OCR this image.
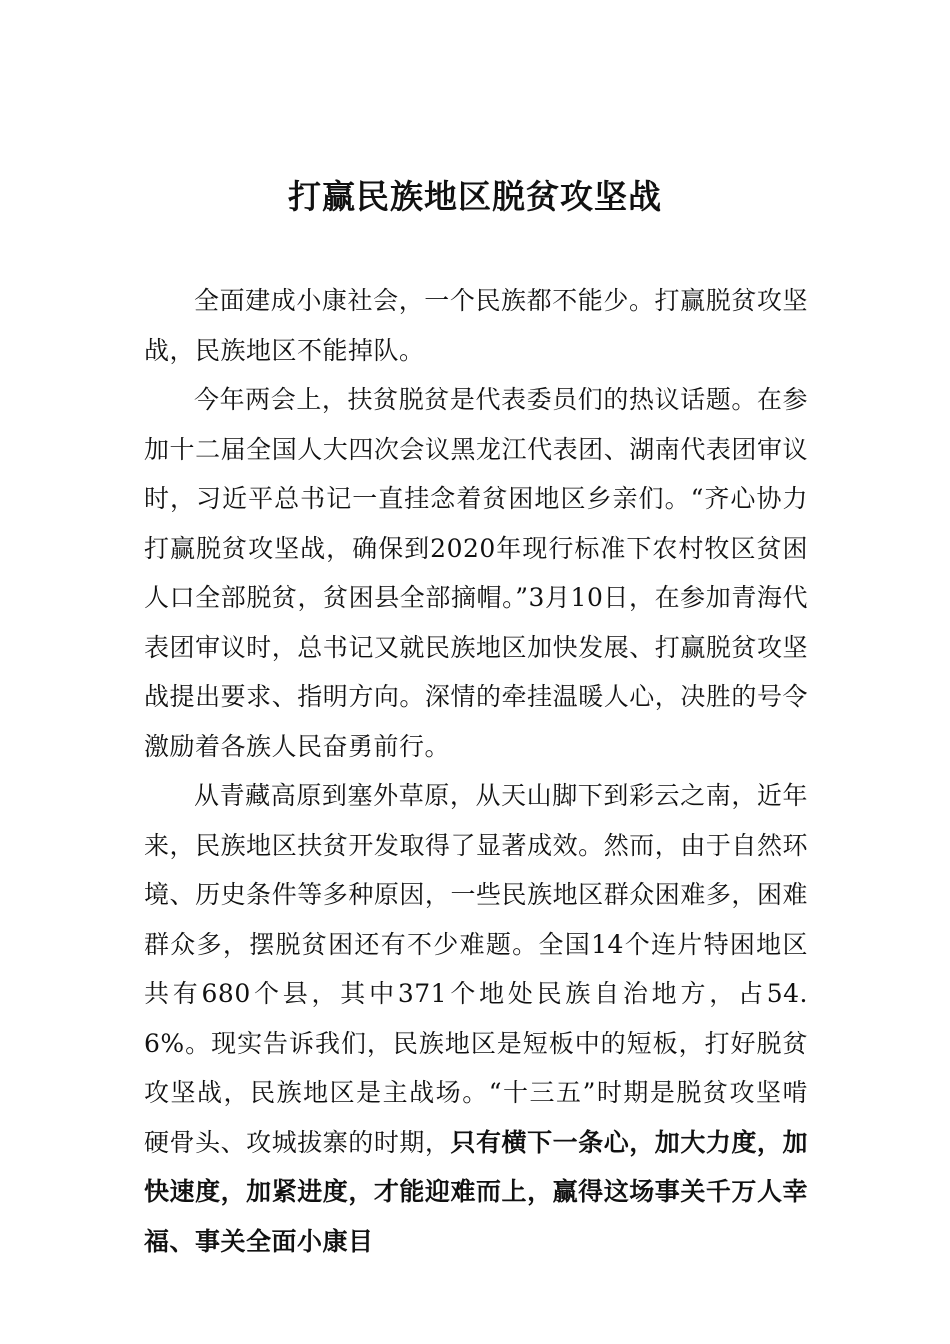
打赢民族地区脱贫攻坚战

全面建成小康社会，一个民族都不能少。打赢脱贫攻坚战，民族地区不能掉队。

今年两会上，扶贫脱贫是代表委员们的热议话题。在参加十二届全国人大四次会议黑龙江代表团、湖南代表团审议时，习近平总书记一直挂念着贫困地区乡亲们。“齐心协力打赢脱贫攻坚战，确保到2020年现行标准下农村牧区贫困人口全部脱贫，贫困县全部摘帽。”3月10日，在参加青海代表团审议时，总书记又就民族地区加快发展、打赢脱贫攻坚战提出要求、指明方向。深情的牵挂温暖人心，决胜的号令激励着各族人民奋勇前行。

从青藏高原到塞外草原，从天山脚下到彩云之南，近年来，民族地区扶贫开发取得了显著成效。然而，由于自然环境、历史条件等多种原因，一些民族地区群众困难多，困难群众多，摆脱贫困还有不少难题。全国14个连片特困地区共有680个县，其中371个地处民族自治地方，占54.6%。现实告诉我们，民族地区是短板中的短板，打好脱贫攻坚战，民族地区是主战场。“十三五”时期是脱贫攻坚啃硬骨头、攻城拔寨的时期，只有横下一条心，加大力度，加快速度，加紧进度，才能迎难而上，赢得这场事关千万人幸福、事关全面小康目
